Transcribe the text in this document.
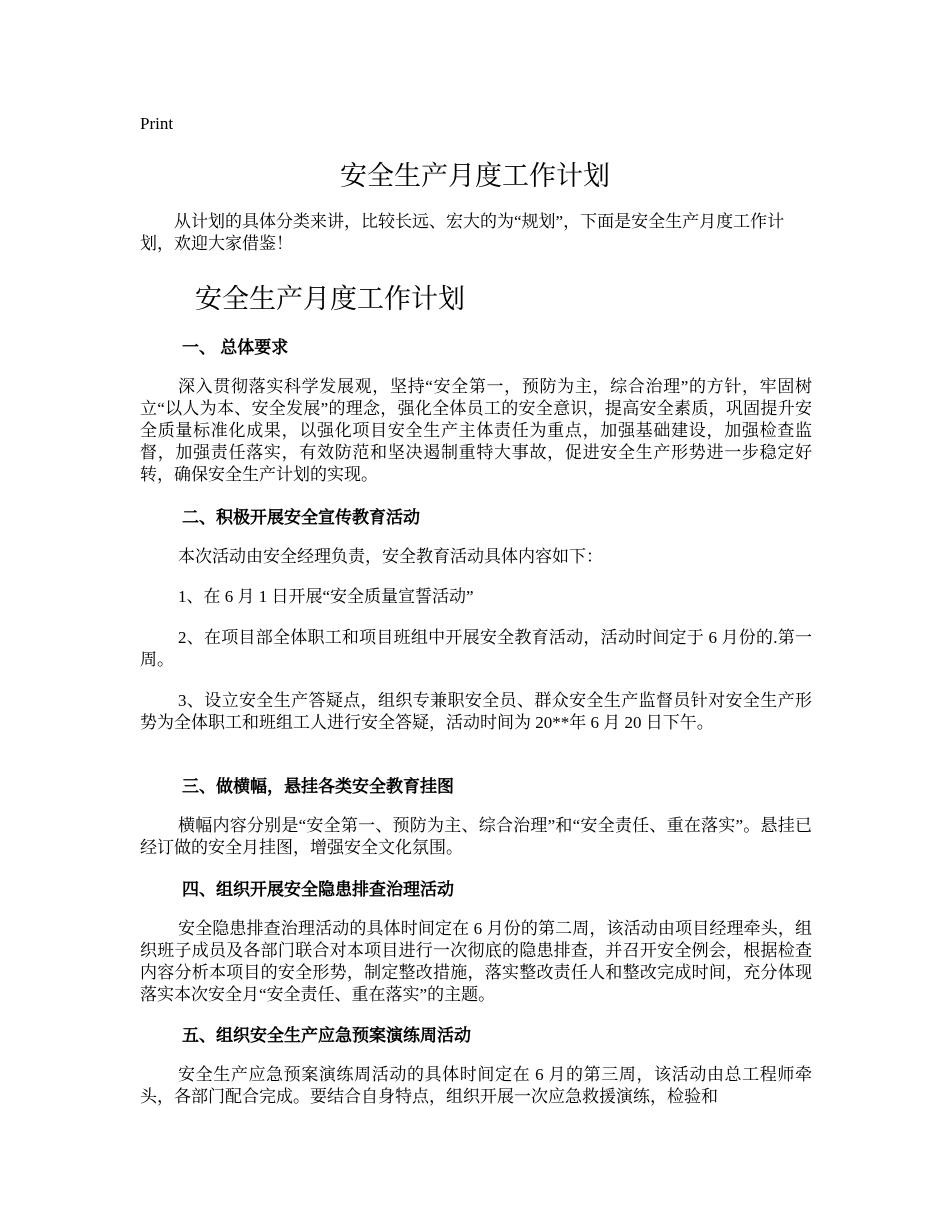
Print
安全生产月度工作计划

从计划的具体分类来讲，比较长远、宏大的为“规划”，下面是安全生产月度工作计划，欢迎大家借鉴！

安全生产月度工作计划

一、 总体要求

深入贯彻落实科学发展观，坚持“安全第一，预防为主，综合治理”的方针，牢固树立“以人为本、安全发展”的理念，强化全体员工的安全意识，提高安全素质，巩固提升安全质量标准化成果，以强化项目安全生产主体责任为重点，加强基础建设，加强检查监督，加强责任落实，有效防范和坚决遏制重特大事故，促进安全生产形势进一步稳定好转，确保安全生产计划的实现。

二、积极开展安全宣传教育活动

本次活动由安全经理负责，安全教育活动具体内容如下：

1、在 6 月 1 日开展“安全质量宣誓活动”

2、在项目部全体职工和项目班组中开展安全教育活动，活动时间定于 6 月份的.第一周。

3、设立安全生产答疑点，组织专兼职安全员、群众安全生产监督员针对安全生产形势为全体职工和班组工人进行安全答疑，活动时间为 20**年 6 月 20 日下午。

三、做横幅，悬挂各类安全教育挂图

横幅内容分别是“安全第一、预防为主、综合治理”和“安全责任、重在落实”。悬挂已经订做的安全月挂图，增强安全文化氛围。

四、组织开展安全隐患排查治理活动

安全隐患排查治理活动的具体时间定在 6 月份的第二周，该活动由项目经理牵头，组织班子成员及各部门联合对本项目进行一次彻底的隐患排查，并召开安全例会，根据检查内容分析本项目的安全形势，制定整改措施，落实整改责任人和整改完成时间，充分体现落实本次安全月“安全责任、重在落实”的主题。

五、组织安全生产应急预案演练周活动

安全生产应急预案演练周活动的具体时间定在 6 月的第三周，该活动由总工程师牵头，各部门配合完成。要结合自身特点，组织开展一次应急救援演练，检验和
